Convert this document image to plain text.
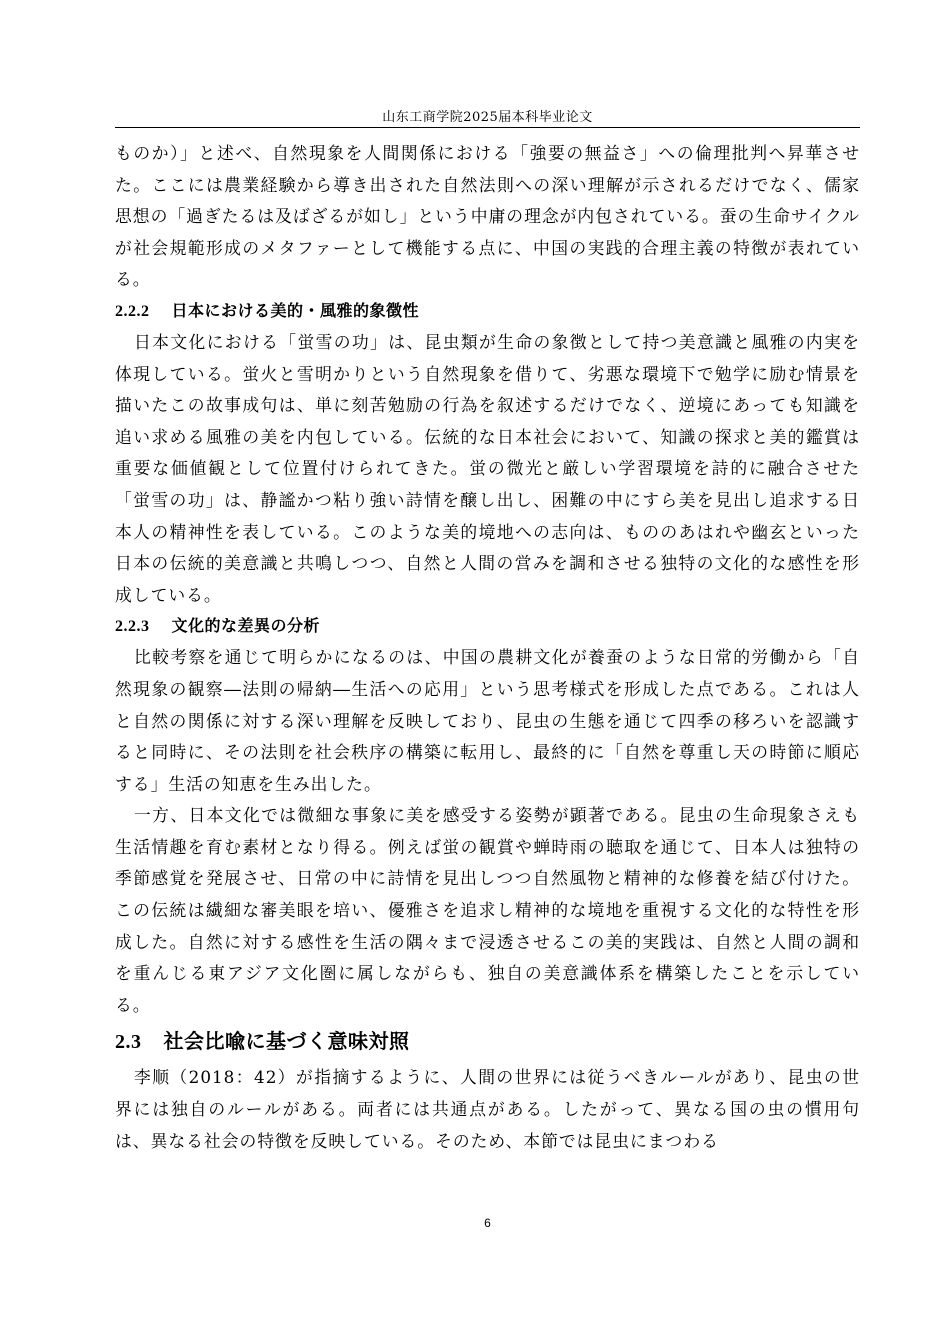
山东工商学院2025届本科毕业论文

ものか）」と述べ、自然現象を人間関係における「強要の無益さ」への倫理批判へ昇華させた。ここには農業経験から導き出された自然法則への深い理解が示されるだけでなく、儒家思想の「過ぎたるは及ばざるが如し」という中庸の理念が内包されている。蚕の生命サイクルが社会規範形成のメタファーとして機能する点に、中国の実践的合理主義の特徴が表れている。

2.2.2 日本における美的・風雅的象徴性

日本文化における「蛍雪の功」は、昆虫類が生命の象徴として持つ美意識と風雅の内実を体現している。蛍火と雪明かりという自然現象を借りて、劣悪な環境下で勉学に励む情景を描いたこの故事成句は、単に刻苦勉励の行為を叙述するだけでなく、逆境にあっても知識を追い求める風雅の美を内包している。伝統的な日本社会において、知識の探求と美的鑑賞は重要な価値観として位置付けられてきた。蛍の微光と厳しい学習環境を詩的に融合させた「蛍雪の功」は、静謐かつ粘り強い詩情を醸し出し、困難の中にすら美を見出し追求する日本人の精神性を表している。このような美的境地への志向は、もののあはれや幽玄といった日本の伝統的美意識と共鳴しつつ、自然と人間の営みを調和させる独特の文化的な感性を形成している。

2.2.3 文化的な差異の分析

比較考察を通じて明らかになるのは、中国の農耕文化が養蚕のような日常的労働から「自然現象の観察―法則の帰納―生活への応用」という思考様式を形成した点である。これは人と自然の関係に対する深い理解を反映しており、昆虫の生態を通じて四季の移ろいを認識すると同時に、その法則を社会秩序の構築に転用し、最終的に「自然を尊重し天の時節に順応する」生活の知恵を生み出した。

一方、日本文化では微細な事象に美を感受する姿勢が顕著である。昆虫の生命現象さえも生活情趣を育む素材となり得る。例えば蛍の観賞や蝉時雨の聴取を通じて、日本人は独特の季節感覚を発展させ、日常の中に詩情を見出しつつ自然風物と精神的な修養を結び付けた。この伝統は繊細な審美眼を培い、優雅さを追求し精神的な境地を重視する文化的な特性を形成した。自然に対する感性を生活の隅々まで浸透させるこの美的実践は、自然と人間の調和を重んじる東アジア文化圏に属しながらも、独自の美意識体系を構築したことを示している。

2.3 社会比喩に基づく意味対照

李顺（2018：42）が指摘するように、人間の世界には従うべきルールがあり、昆虫の世界には独自のルールがある。両者には共通点がある。したがって、異なる国の虫の慣用句は、異なる社会の特徴を反映している。そのため、本節では昆虫にまつわる

6
